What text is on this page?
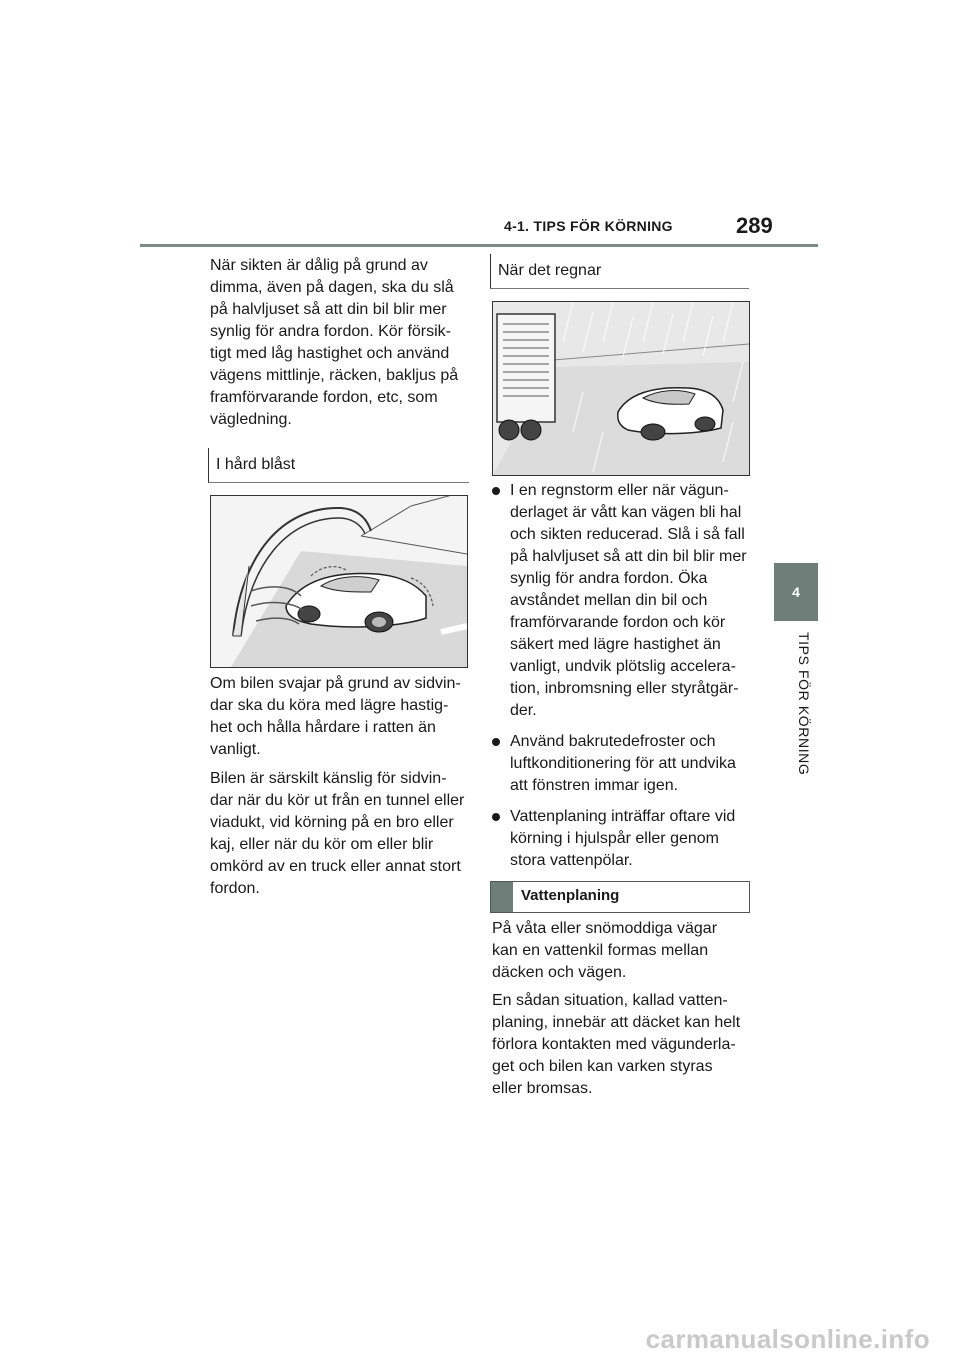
4-1. TIPS FÖR KÖRNING	289
4
TIPS FÖR KÖRNING
När sikten är dålig på grund av
dimma, även på dagen, ska du slå
på halvljuset så att din bil blir mer
synlig för andra fordon. Kör försik-
tigt med låg hastighet och använd
vägens mittlinje, räcken, bakljus på
framförvarande fordon, etc, som
vägledning.
I hård blåst
Om bilen svajar på grund av sidvin-
dar ska du köra med lägre hastig-
het och hålla hårdare i ratten än
vanligt.
Bilen är särskilt känslig för sidvin-
dar när du kör ut från en tunnel eller
viadukt, vid körning på en bro eller
kaj, eller när du kör om eller blir
omkörd av en truck eller annat stort
fordon.
När det regnar
I en regnstorm eller när vägun-
derlaget är vått kan vägen bli hal
och sikten reducerad. Slå i så fall
på halvljuset så att din bil blir mer
synlig för andra fordon. Öka
avståndet mellan din bil och
framförvarande fordon och kör
säkert med lägre hastighet än
vanligt, undvik plötslig accelera-
tion, inbromsning eller styråtgär-
der.
Använd bakrutedefroster och
luftkonditionering för att undvika
att fönstren immar igen.
Vattenplaning inträffar oftare vid
körning i hjulspår eller genom
stora vattenpölar.
Vattenplaning
På våta eller snömoddiga vägar
kan en vattenkil formas mellan
däcken och vägen.
En sådan situation, kallad vatten-
planing, innebär att däcket kan helt
förlora kontakten med vägunderla-
get och bilen kan varken styras
eller bromsas.
carmanualsonline.info
